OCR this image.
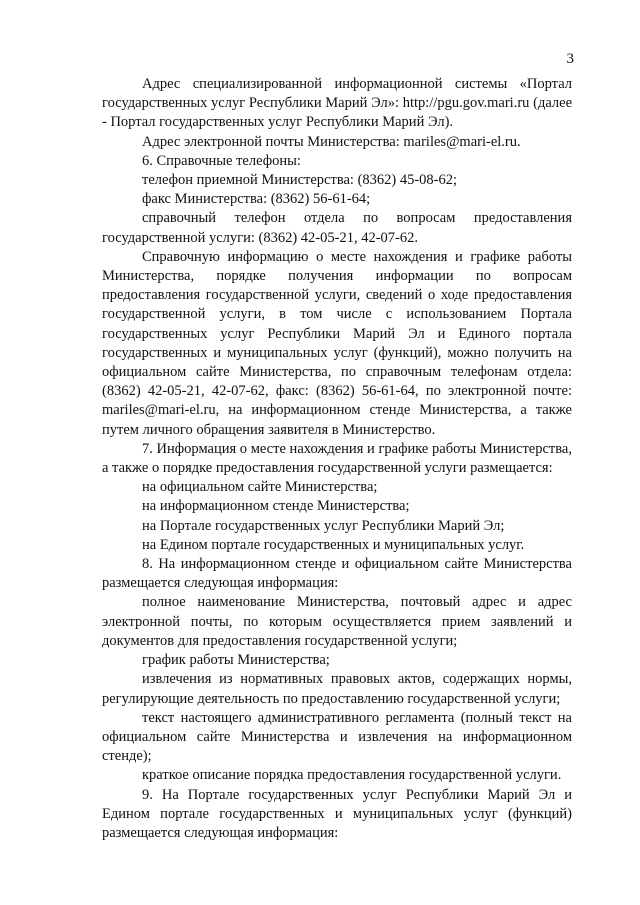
3

Адрес специализированной информационной системы «Портал государственных услуг Республики Марий Эл»: http://pgu.gov.mari.ru (далее - Портал государственных услуг Республики Марий Эл).

Адрес электронной почты Министерства: mariles@mari-el.ru.

6. Справочные телефоны:

телефон приемной Министерства: (8362) 45-08-62;

факс Министерства: (8362) 56-61-64;

справочный телефон отдела по вопросам предоставления государственной услуги: (8362) 42-05-21, 42-07-62.

Справочную информацию о месте нахождения и графике работы Министерства, порядке получения информации по вопросам предоставления государственной услуги, сведений о ходе предоставления государственной услуги, в том числе с использованием Портала государственных услуг Республики Марий Эл и Единого портала государственных и муниципальных услуг (функций), можно получить на официальном сайте Министерства, по справочным телефонам отдела: (8362) 42-05-21, 42-07-62, факс: (8362) 56-61-64, по электронной почте: mariles@mari-el.ru, на информационном стенде Министерства, а также путем личного обращения заявителя в Министерство.

7. Информация о месте нахождения и графике работы Министерства, а также о порядке предоставления государственной услуги размещается:

на официальном сайте Министерства;

на информационном стенде Министерства;

на Портале государственных услуг Республики Марий Эл;

на Едином портале государственных и муниципальных услуг.

8. На информационном стенде и официальном сайте Министерства размещается следующая информация:

полное наименование Министерства, почтовый адрес и адрес электронной почты, по которым осуществляется прием заявлений и документов для предоставления государственной услуги;

график работы Министерства;

извлечения из нормативных правовых актов, содержащих нормы, регулирующие деятельность по предоставлению государственной услуги;

текст настоящего административного регламента (полный текст на официальном сайте Министерства и извлечения на информационном стенде);

краткое описание порядка предоставления государственной услуги.

9. На Портале государственных услуг Республики Марий Эл и Едином портале государственных и муниципальных услуг (функций) размещается следующая информация:
